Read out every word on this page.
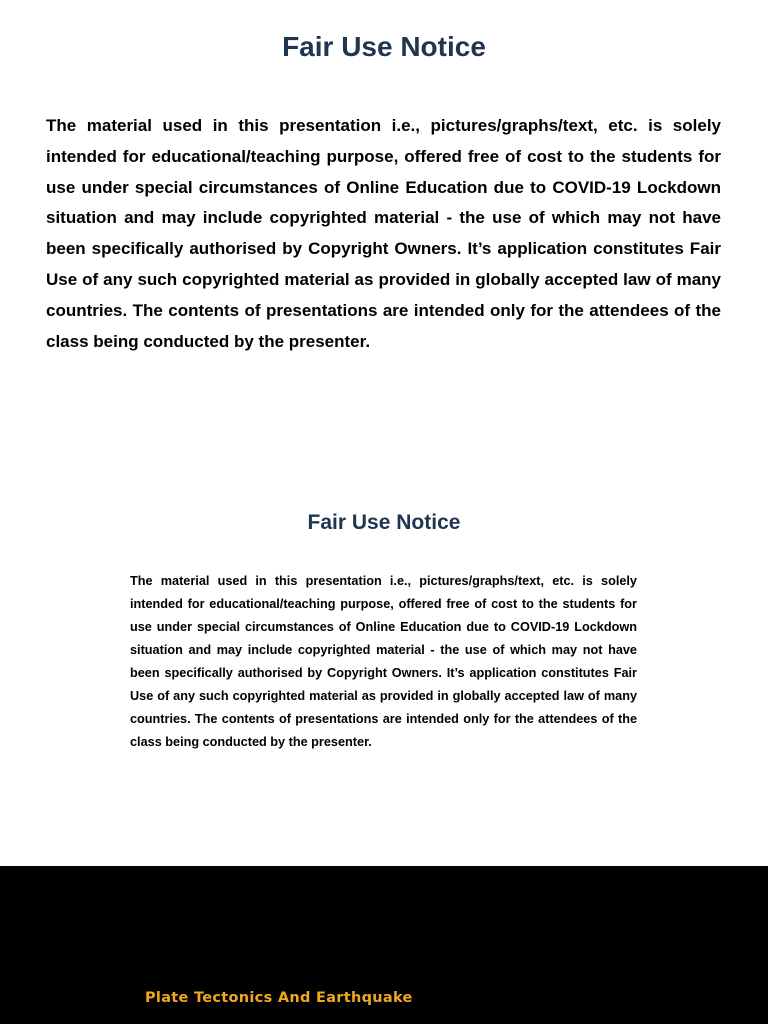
Fair Use Notice

The material used in this presentation i.e., pictures/graphs/text, etc. is solely intended for educational/teaching purpose, offered free of cost to the students for use under special circumstances of Online Education due to COVID-19 Lockdown situation and may include copyrighted material - the use of which may not have been specifically authorised by Copyright Owners. It’s application constitutes Fair Use of any such copyrighted material as provided in globally accepted law of many countries. The contents of presentations are intended only for the attendees of the class being conducted by the presenter.

Fair Use Notice

The material used in this presentation i.e., pictures/graphs/text, etc. is solely intended for educational/teaching purpose, offered free of cost to the students for use under special circumstances of Online Education due to COVID-19 Lockdown situation and may include copyrighted material - the use of which may not have been specifically authorised by Copyright Owners. It’s application constitutes Fair Use of any such copyrighted material as provided in globally accepted law of many countries. The contents of presentations are intended only for the attendees of the class being conducted by the presenter.

Plate Tectonics And Earthquake
